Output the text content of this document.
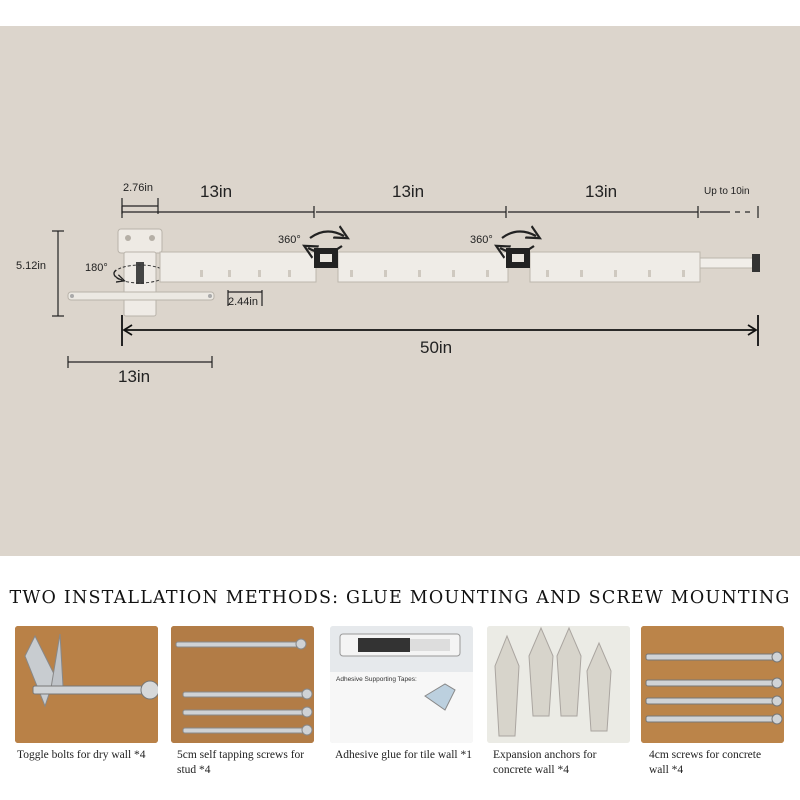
2.76in	13in	13in	13in	Up to 10in
5.12in	180°
360°	360°
2.44in
50in
13in
TWO INSTALLATION METHODS: GLUE MOUNTING AND SCREW MOUNTING
Adhesive Supporting Tapes:
Toggle bolts for dry wall *4	5cm self tapping screws for
stud *4
Adhesive glue for tile wall *1 Expansion anchors for
concrete wall *4
4cm screws for concrete
wall *4
